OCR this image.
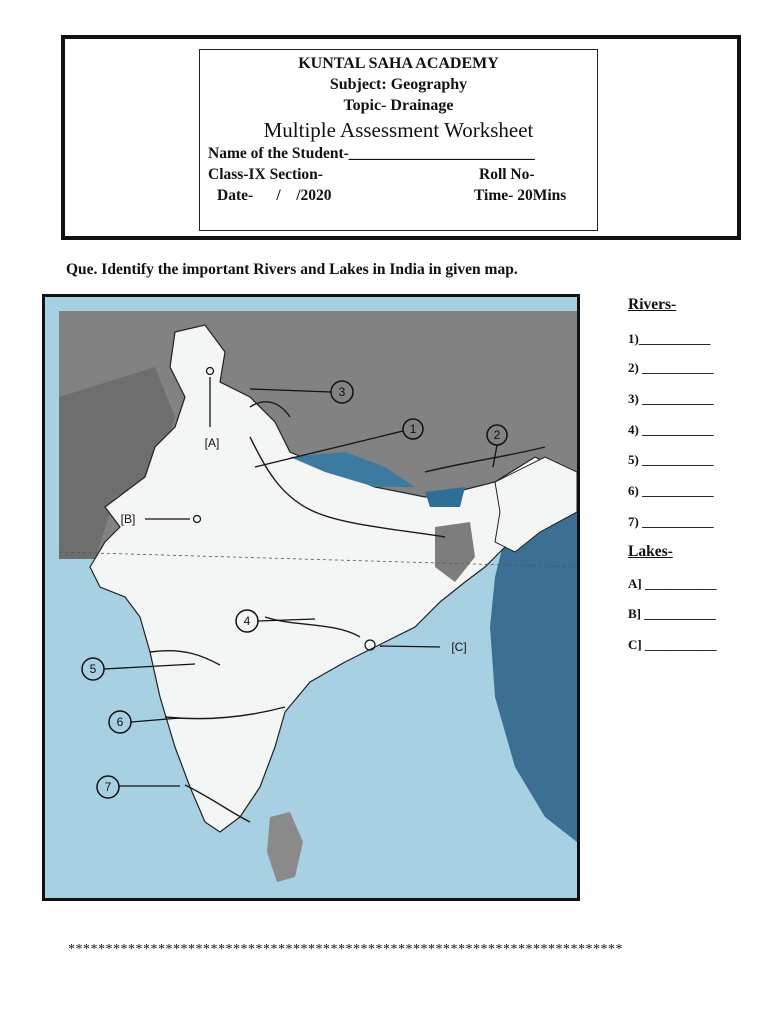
KUNTAL SAHA ACADEMY
Subject: Geography
Topic- Drainage
Multiple Assessment Worksheet
Name of the Student-________________________
Class-IX Section-	Roll No-
Date-      /    /2020	Time- 20Mins
Que. Identify the important Rivers and Lakes in India in given map.
3
1	2
4
5
6
7
[A]
[B]
[C]
Rivers-
1)___________
2) ___________
3) ___________
4) ___________
5) ___________
6) ___________
7) ___________
Lakes-
A] ___________
B] ___________
C] ___________
**************************************************************************
